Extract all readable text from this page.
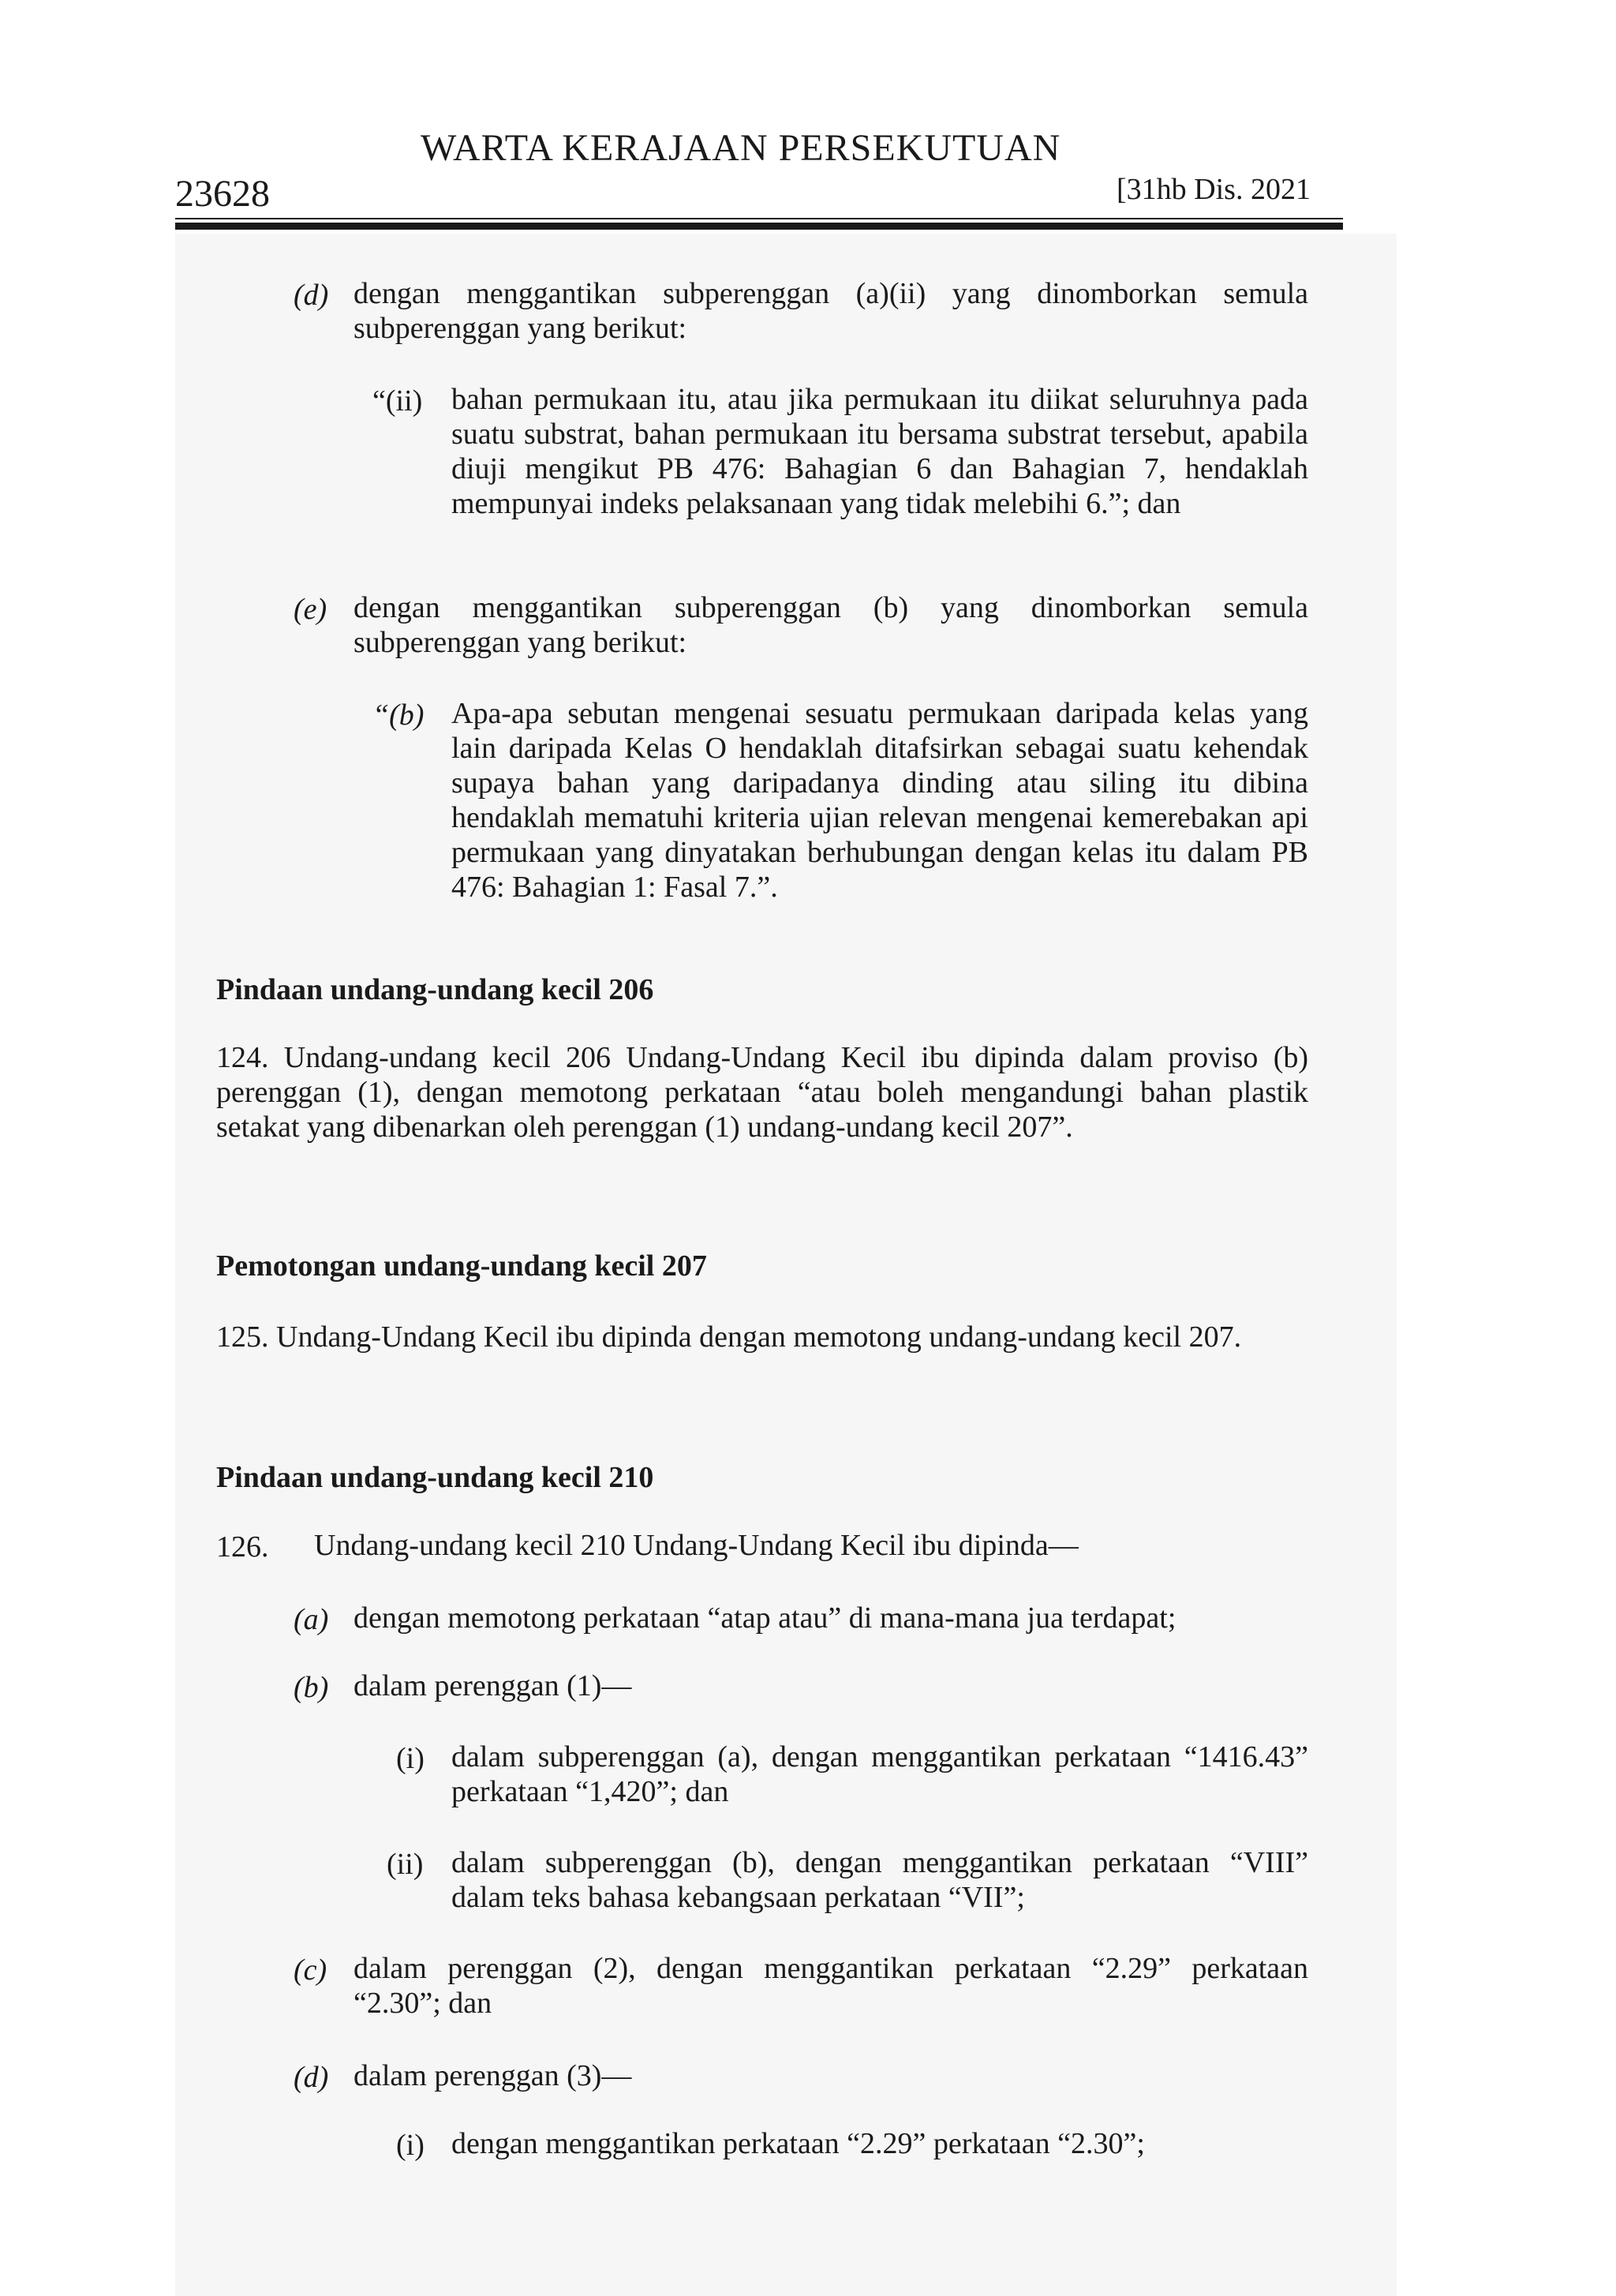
WARTA KERAJAAN PERSEKUTUAN
23628	[31hb Dis. 2021
(d) dengan menggantikan subperenggan (a)(ii) yang dinomborkan semula subperenggan yang berikut:
“(ii) bahan permukaan itu, atau jika permukaan itu diikat seluruhnya pada suatu substrat, bahan permukaan itu bersama substrat tersebut, apabila diuji mengikut PB 476: Bahagian 6 dan Bahagian 7, hendaklah mempunyai indeks pelaksanaan yang tidak melebihi 6.”; dan
(e) dengan menggantikan subperenggan (b) yang dinomborkan semula subperenggan yang berikut:
“(b) Apa-apa sebutan mengenai sesuatu permukaan daripada kelas yang lain daripada Kelas O hendaklah ditafsirkan sebagai suatu kehendak supaya bahan yang daripadanya dinding atau siling itu dibina hendaklah mematuhi kriteria ujian relevan mengenai kemerebakan api permukaan yang dinyatakan berhubungan dengan kelas itu dalam PB 476: Bahagian 1: Fasal 7.”.
Pindaan undang-undang kecil 206
124. Undang-undang kecil 206 Undang-Undang Kecil ibu dipinda dalam proviso (b) perenggan (1), dengan memotong perkataan “atau boleh mengandungi bahan plastik setakat yang dibenarkan oleh perenggan (1) undang-undang kecil 207”.
Pemotongan undang-undang kecil 207
125. Undang-Undang Kecil ibu dipinda dengan memotong undang-undang kecil 207.
Pindaan undang-undang kecil 210
126. Undang-undang kecil 210 Undang-Undang Kecil ibu dipinda—
(a) dengan memotong perkataan “atap atau” di mana-mana jua terdapat;
(b) dalam perenggan (1)—
(i) dalam subperenggan (a), dengan menggantikan perkataan “1416.43” perkataan “1,420”; dan
(ii) dalam subperenggan (b), dengan menggantikan perkataan “VIII” dalam teks bahasa kebangsaan perkataan “VII”;
(c) dalam perenggan (2), dengan menggantikan perkataan “2.29” perkataan “2.30”; dan
(d) dalam perenggan (3)—
(i) dengan menggantikan perkataan “2.29” perkataan “2.30”;
